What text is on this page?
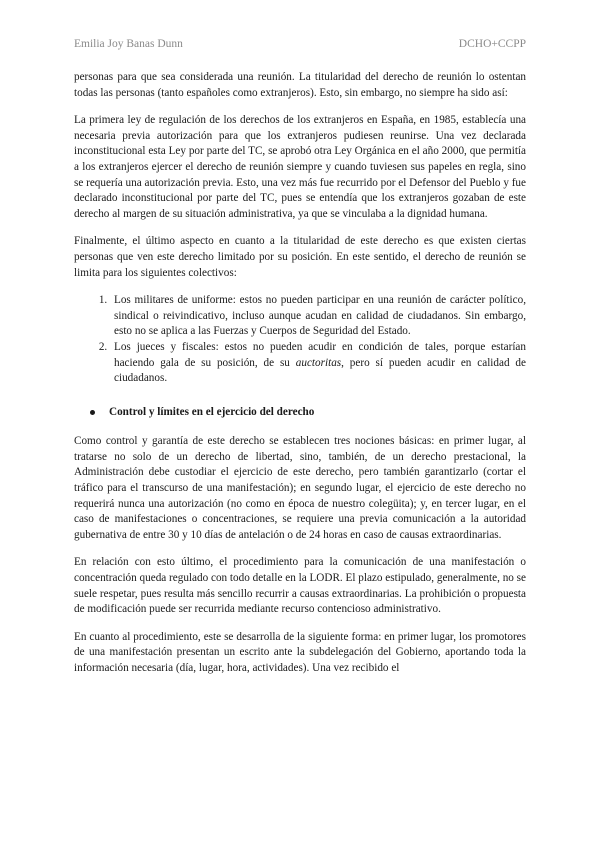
Emilia Joy Banas Dunn	DCHO+CCPP

personas para que sea considerada una reunión. La titularidad del derecho de reunión lo ostentan todas las personas (tanto españoles como extranjeros). Esto, sin embargo, no siempre ha sido así:

La primera ley de regulación de los derechos de los extranjeros en España, en 1985, establecía una necesaria previa autorización para que los extranjeros pudiesen reunirse. Una vez declarada inconstitucional esta Ley por parte del TC, se aprobó otra Ley Orgánica en el año 2000, que permitía a los extranjeros ejercer el derecho de reunión siempre y cuando tuviesen sus papeles en regla, sino se requería una autorización previa. Esto, una vez más fue recurrido por el Defensor del Pueblo y fue declarado inconstitucional por parte del TC, pues se entendía que los extranjeros gozaban de este derecho al margen de su situación administrativa, ya que se vinculaba a la dignidad humana.

Finalmente, el último aspecto en cuanto a la titularidad de este derecho es que existen ciertas personas que ven este derecho limitado por su posición. En este sentido, el derecho de reunión se limita para los siguientes colectivos:

1. Los militares de uniforme: estos no pueden participar en una reunión de carácter político, sindical o reivindicativo, incluso aunque acudan en calidad de ciudadanos. Sin embargo, esto no se aplica a las Fuerzas y Cuerpos de Seguridad del Estado.
2. Los jueces y fiscales: estos no pueden acudir en condición de tales, porque estarían haciendo gala de su posición, de su auctoritas, pero sí pueden acudir en calidad de ciudadanos.
Control y límites en el ejercicio del derecho

Como control y garantía de este derecho se establecen tres nociones básicas: en primer lugar, al tratarse no solo de un derecho de libertad, sino, también, de un derecho prestacional, la Administración debe custodiar el ejercicio de este derecho, pero también garantizarlo (cortar el tráfico para el transcurso de una manifestación); en segundo lugar, el ejercicio de este derecho no requerirá nunca una autorización (no como en época de nuestro colegüita); y, en tercer lugar, en el caso de manifestaciones o concentraciones, se requiere una previa comunicación a la autoridad gubernativa de entre 30 y 10 días de antelación o de 24 horas en caso de causas extraordinarias.

En relación con esto último, el procedimiento para la comunicación de una manifestación o concentración queda regulado con todo detalle en la LODR. El plazo estipulado, generalmente, no se suele respetar, pues resulta más sencillo recurrir a causas extraordinarias. La prohibición o propuesta de modificación puede ser recurrida mediante recurso contencioso administrativo.

En cuanto al procedimiento, este se desarrolla de la siguiente forma: en primer lugar, los promotores de una manifestación presentan un escrito ante la subdelegación del Gobierno, aportando toda la información necesaria (día, lugar, hora, actividades). Una vez recibido el
